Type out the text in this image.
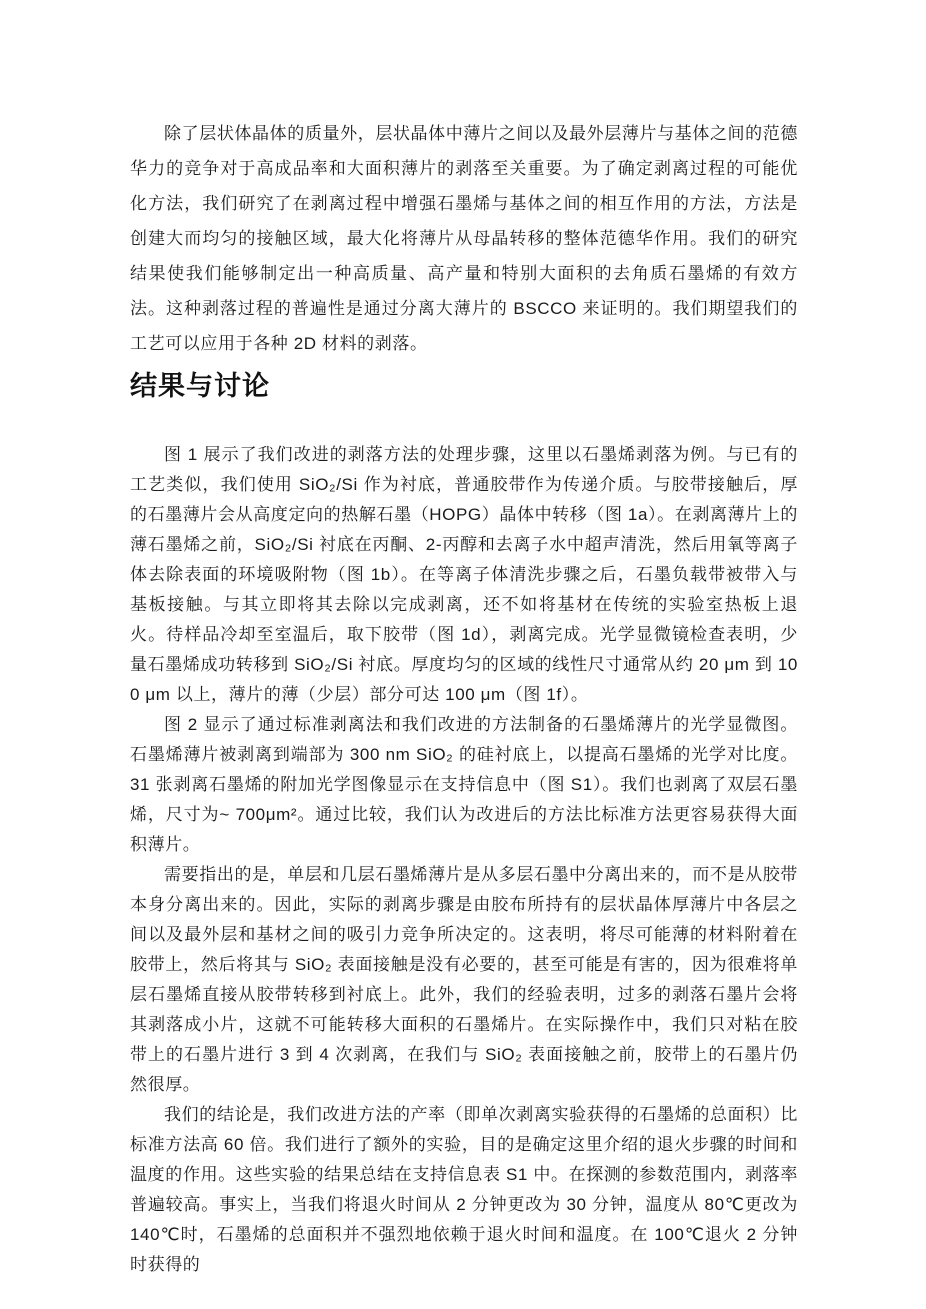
除了层状体晶体的质量外，层状晶体中薄片之间以及最外层薄片与基体之间的范德华力的竞争对于高成品率和大面积薄片的剥落至关重要。为了确定剥离过程的可能优化方法，我们研究了在剥离过程中增强石墨烯与基体之间的相互作用的方法，方法是创建大而均匀的接触区域，最大化将薄片从母晶转移的整体范德华作用。我们的研究结果使我们能够制定出一种高质量、高产量和特别大面积的去角质石墨烯的有效方法。这种剥落过程的普遍性是通过分离大薄片的 BSCCO 来证明的。我们期望我们的工艺可以应用于各种 2D 材料的剥落。

结果与讨论

图 1 展示了我们改进的剥落方法的处理步骤，这里以石墨烯剥落为例。与已有的工艺类似，我们使用 SiO₂/Si 作为衬底，普通胶带作为传递介质。与胶带接触后，厚的石墨薄片会从高度定向的热解石墨（HOPG）晶体中转移（图 1a）。在剥离薄片上的薄石墨烯之前，SiO₂/Si 衬底在丙酮、2-丙醇和去离子水中超声清洗，然后用氧等离子体去除表面的环境吸附物（图 1b）。在等离子体清洗步骤之后，石墨负载带被带入与基板接触。与其立即将其去除以完成剥离，还不如将基材在传统的实验室热板上退火。待样品冷却至室温后，取下胶带（图 1d），剥离完成。光学显微镜检查表明，少量石墨烯成功转移到 SiO₂/Si 衬底。厚度均匀的区域的线性尺寸通常从约 20 μm 到 100 μm 以上，薄片的薄（少层）部分可达 100 μm（图 1f）。

图 2 显示了通过标准剥离法和我们改进的方法制备的石墨烯薄片的光学显微图。石墨烯薄片被剥离到端部为 300 nm SiO₂ 的硅衬底上，以提高石墨烯的光学对比度。31 张剥离石墨烯的附加光学图像显示在支持信息中（图 S1）。我们也剥离了双层石墨烯，尺寸为~ 700μm²。通过比较，我们认为改进后的方法比标准方法更容易获得大面积薄片。

需要指出的是，单层和几层石墨烯薄片是从多层石墨中分离出来的，而不是从胶带本身分离出来的。因此，实际的剥离步骤是由胶布所持有的层状晶体厚薄片中各层之间以及最外层和基材之间的吸引力竞争所决定的。这表明，将尽可能薄的材料附着在胶带上，然后将其与 SiO₂ 表面接触是没有必要的，甚至可能是有害的，因为很难将单层石墨烯直接从胶带转移到衬底上。此外，我们的经验表明，过多的剥落石墨片会将其剥落成小片，这就不可能转移大面积的石墨烯片。在实际操作中，我们只对粘在胶带上的石墨片进行 3 到 4 次剥离，在我们与 SiO₂ 表面接触之前，胶带上的石墨片仍然很厚。

我们的结论是，我们改进方法的产率（即单次剥离实验获得的石墨烯的总面积）比标准方法高 60 倍。我们进行了额外的实验，目的是确定这里介绍的退火步骤的时间和温度的作用。这些实验的结果总结在支持信息表 S1 中。在探测的参数范围内，剥落率普遍较高。事实上，当我们将退火时间从 2 分钟更改为 30 分钟，温度从 80℃更改为 140℃时，石墨烯的总面积并不强烈地依赖于退火时间和温度。在 100℃退火 2 分钟时获得的
